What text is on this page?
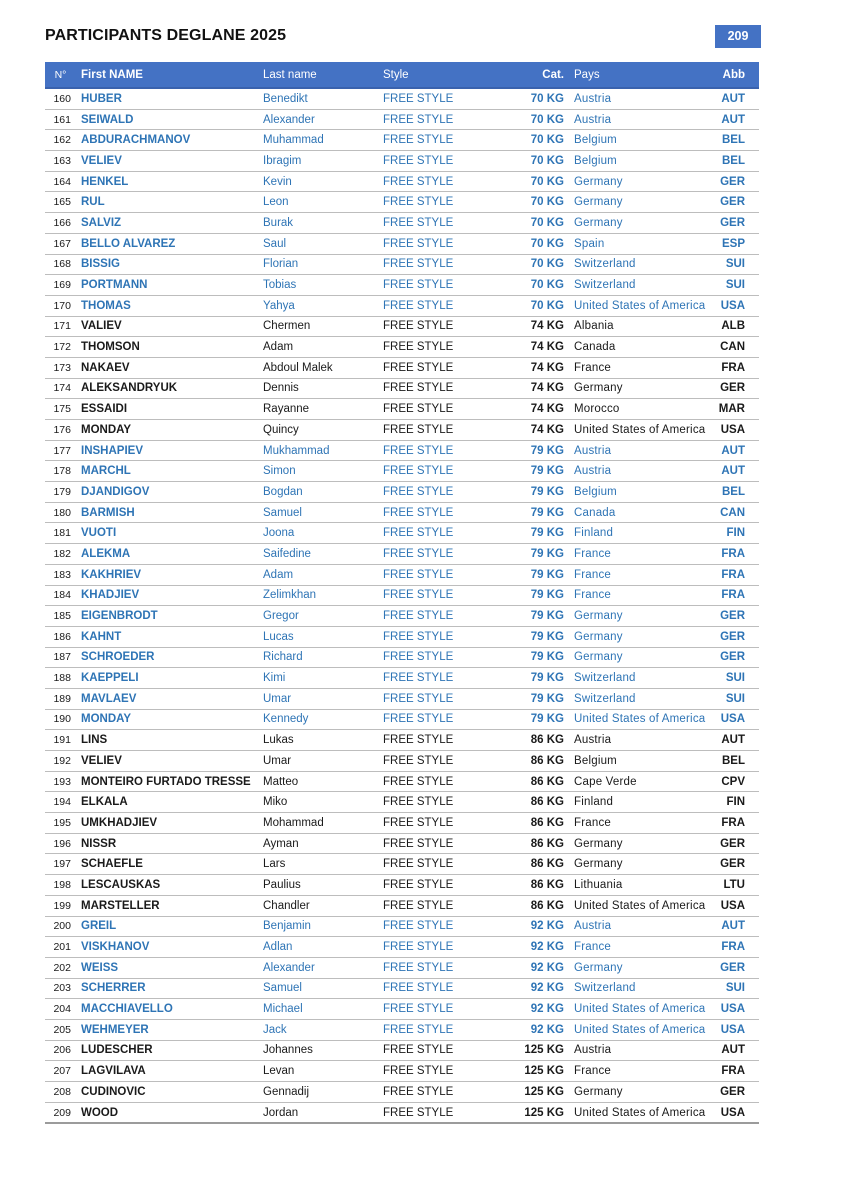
PARTICIPANTS DEGLANE 2025	209
N°	First NAME	Last name	Style	Cat.	Pays	Abb
160	HUBER	Benedikt	FREE STYLE	70 KG	Austria	AUT
161	SEIWALD	Alexander	FREE STYLE	70 KG	Austria	AUT
162	ABDURACHMANOV	Muhammad	FREE STYLE	70 KG	Belgium	BEL
163	VELIEV	Ibragim	FREE STYLE	70 KG	Belgium	BEL
164	HENKEL	Kevin	FREE STYLE	70 KG	Germany	GER
165	RUL	Leon	FREE STYLE	70 KG	Germany	GER
166	SALVIZ	Burak	FREE STYLE	70 KG	Germany	GER
167	BELLO ALVAREZ	Saul	FREE STYLE	70 KG	Spain	ESP
168	BISSIG	Florian	FREE STYLE	70 KG	Switzerland	SUI
169	PORTMANN	Tobias	FREE STYLE	70 KG	Switzerland	SUI
170	THOMAS	Yahya	FREE STYLE	70 KG	United States of America	USA
171	VALIEV	Chermen	FREE STYLE	74 KG	Albania	ALB
172	THOMSON	Adam	FREE STYLE	74 KG	Canada	CAN
173	NAKAEV	Abdoul Malek	FREE STYLE	74 KG	France	FRA
174	ALEKSANDRYUK	Dennis	FREE STYLE	74 KG	Germany	GER
175	ESSAIDI	Rayanne	FREE STYLE	74 KG	Morocco	MAR
176	MONDAY	Quincy	FREE STYLE	74 KG	United States of America	USA
177	INSHAPIEV	Mukhammad	FREE STYLE	79 KG	Austria	AUT
178	MARCHL	Simon	FREE STYLE	79 KG	Austria	AUT
179	DJANDIGOV	Bogdan	FREE STYLE	79 KG	Belgium	BEL
180	BARMISH	Samuel	FREE STYLE	79 KG	Canada	CAN
181	VUOTI	Joona	FREE STYLE	79 KG	Finland	FIN
182	ALEKMA	Saifedine	FREE STYLE	79 KG	France	FRA
183	KAKHRIEV	Adam	FREE STYLE	79 KG	France	FRA
184	KHADJIEV	Zelimkhan	FREE STYLE	79 KG	France	FRA
185	EIGENBRODT	Gregor	FREE STYLE	79 KG	Germany	GER
186	KAHNT	Lucas	FREE STYLE	79 KG	Germany	GER
187	SCHROEDER	Richard	FREE STYLE	79 KG	Germany	GER
188	KAEPPELI	Kimi	FREE STYLE	79 KG	Switzerland	SUI
189	MAVLAEV	Umar	FREE STYLE	79 KG	Switzerland	SUI
190	MONDAY	Kennedy	FREE STYLE	79 KG	United States of America	USA
191	LINS	Lukas	FREE STYLE	86 KG	Austria	AUT
192	VELIEV	Umar	FREE STYLE	86 KG	Belgium	BEL
193	MONTEIRO FURTADO TRESSE	Matteo	FREE STYLE	86 KG	Cape Verde	CPV
194	ELKALA	Miko	FREE STYLE	86 KG	Finland	FIN
195	UMKHADJIEV	Mohammad	FREE STYLE	86 KG	France	FRA
196	NISSR	Ayman	FREE STYLE	86 KG	Germany	GER
197	SCHAEFLE	Lars	FREE STYLE	86 KG	Germany	GER
198	LESCAUSKAS	Paulius	FREE STYLE	86 KG	Lithuania	LTU
199	MARSTELLER	Chandler	FREE STYLE	86 KG	United States of America	USA
200	GREIL	Benjamin	FREE STYLE	92 KG	Austria	AUT
201	VISKHANOV	Adlan	FREE STYLE	92 KG	France	FRA
202	WEISS	Alexander	FREE STYLE	92 KG	Germany	GER
203	SCHERRER	Samuel	FREE STYLE	92 KG	Switzerland	SUI
204	MACCHIAVELLO	Michael	FREE STYLE	92 KG	United States of America	USA
205	WEHMEYER	Jack	FREE STYLE	92 KG	United States of America	USA
206	LUDESCHER	Johannes	FREE STYLE	125 KG	Austria	AUT
207	LAGVILAVA	Levan	FREE STYLE	125 KG	France	FRA
208	CUDINOVIC	Gennadij	FREE STYLE	125 KG	Germany	GER
209	WOOD	Jordan	FREE STYLE	125 KG	United States of America	USA
